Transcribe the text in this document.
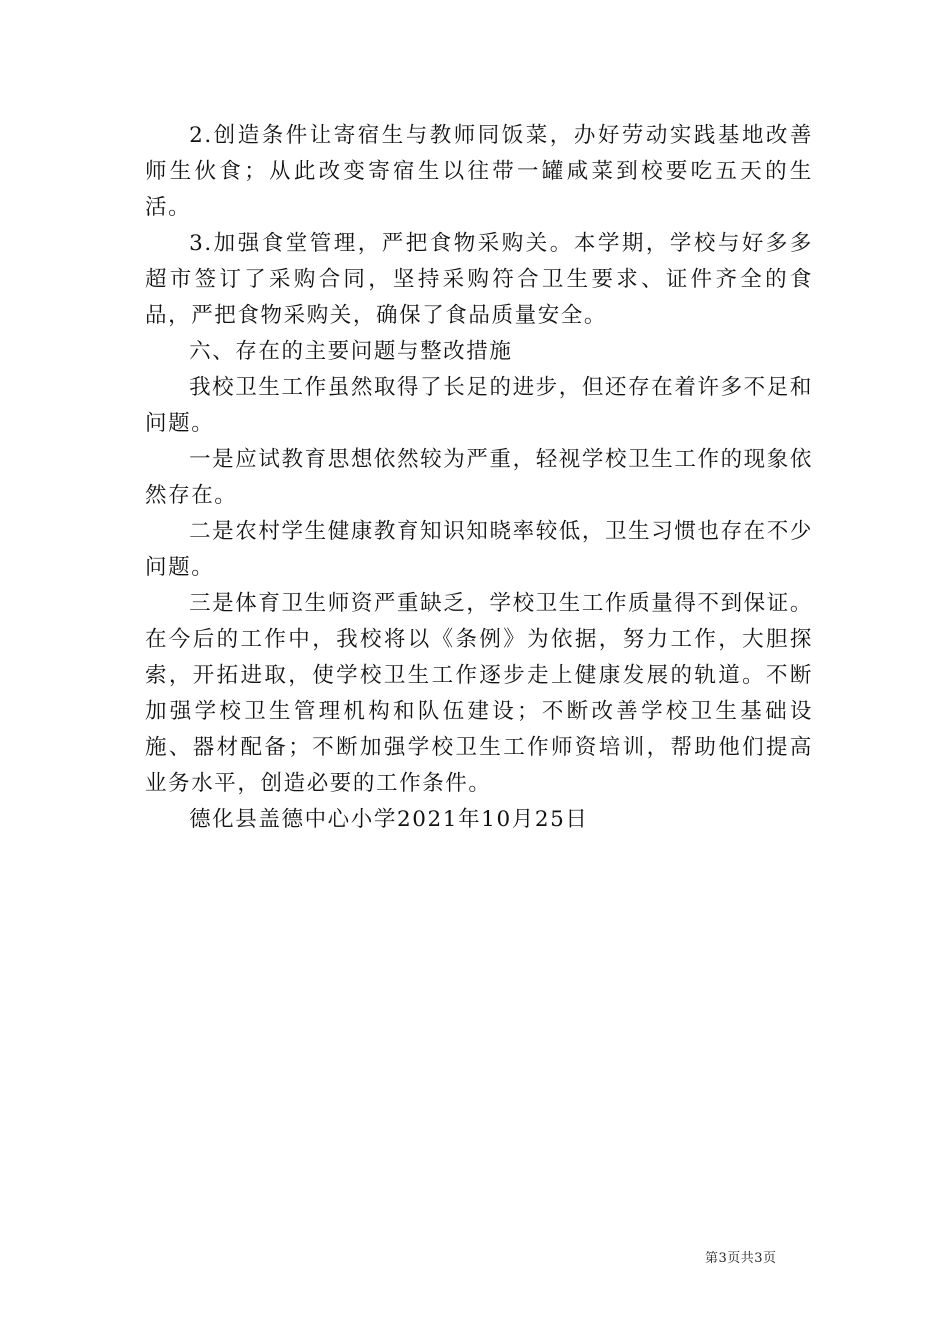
2.创造条件让寄宿生与教师同饭菜，办好劳动实践基地改善师生伙食；从此改变寄宿生以往带一罐咸菜到校要吃五天的生活。

3.加强食堂管理，严把食物采购关。本学期，学校与好多多超市签订了采购合同，坚持采购符合卫生要求、证件齐全的食品，严把食物采购关，确保了食品质量安全。

六、存在的主要问题与整改措施

我校卫生工作虽然取得了长足的进步，但还存在着许多不足和问题。

一是应试教育思想依然较为严重，轻视学校卫生工作的现象依然存在。

二是农村学生健康教育知识知晓率较低，卫生习惯也存在不少问题。

三是体育卫生师资严重缺乏，学校卫生工作质量得不到保证。在今后的工作中，我校将以《条例》为依据，努力工作，大胆探索，开拓进取，使学校卫生工作逐步走上健康发展的轨道。不断加强学校卫生管理机构和队伍建设；不断改善学校卫生基础设施、器材配备；不断加强学校卫生工作师资培训，帮助他们提高业务水平，创造必要的工作条件。

德化县盖德中心小学2021年10月25日

第3页共3页
